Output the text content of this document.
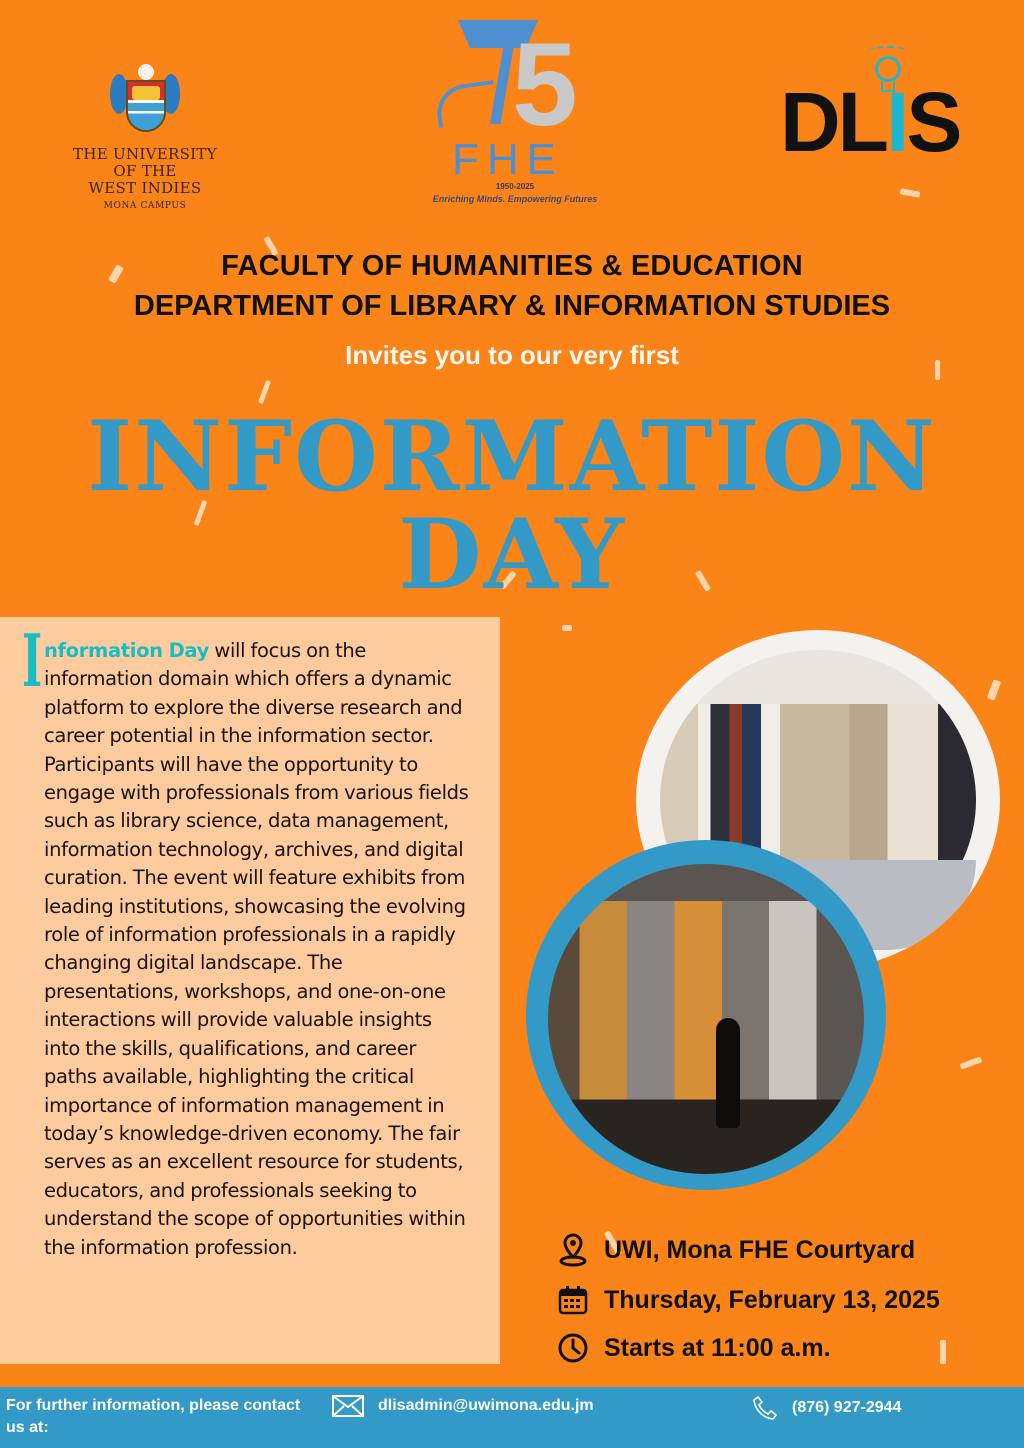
THE UNIVERSITY
OF THE
WEST INDIES
MONA CAMPUS
5
FHE
1950-2025
Enriching Minds. Empowering Futures
DLIS
FACULTY OF HUMANITIES & EDUCATION
DEPARTMENT OF LIBRARY & INFORMATION STUDIES
Invites you to our very first
INFORMATION
DAY
I nformation Day will focus on the information domain which offers a dynamic platform to explore the diverse research and career potential in the information sector. Participants will have the opportunity to engage with professionals from various fields such as library science, data management, information technology, archives, and digital curation. The event will feature exhibits from leading institutions, showcasing the evolving role of information professionals in a rapidly changing digital landscape. The presentations, workshops, and one-on-one interactions will provide valuable insights into the skills, qualifications, and career paths available, highlighting the critical importance of information management in today’s knowledge-driven economy. The fair serves as an excellent resource for students, educators, and professionals seeking to understand the scope of opportunities within the information profession.	UWI, Mona FHE Courtyard
Thursday, February 13, 2025
Starts at 11:00 a.m.
For further information, please contact us at:
dlisadmin@uwimona.edu.jm	(876) 927-2944
